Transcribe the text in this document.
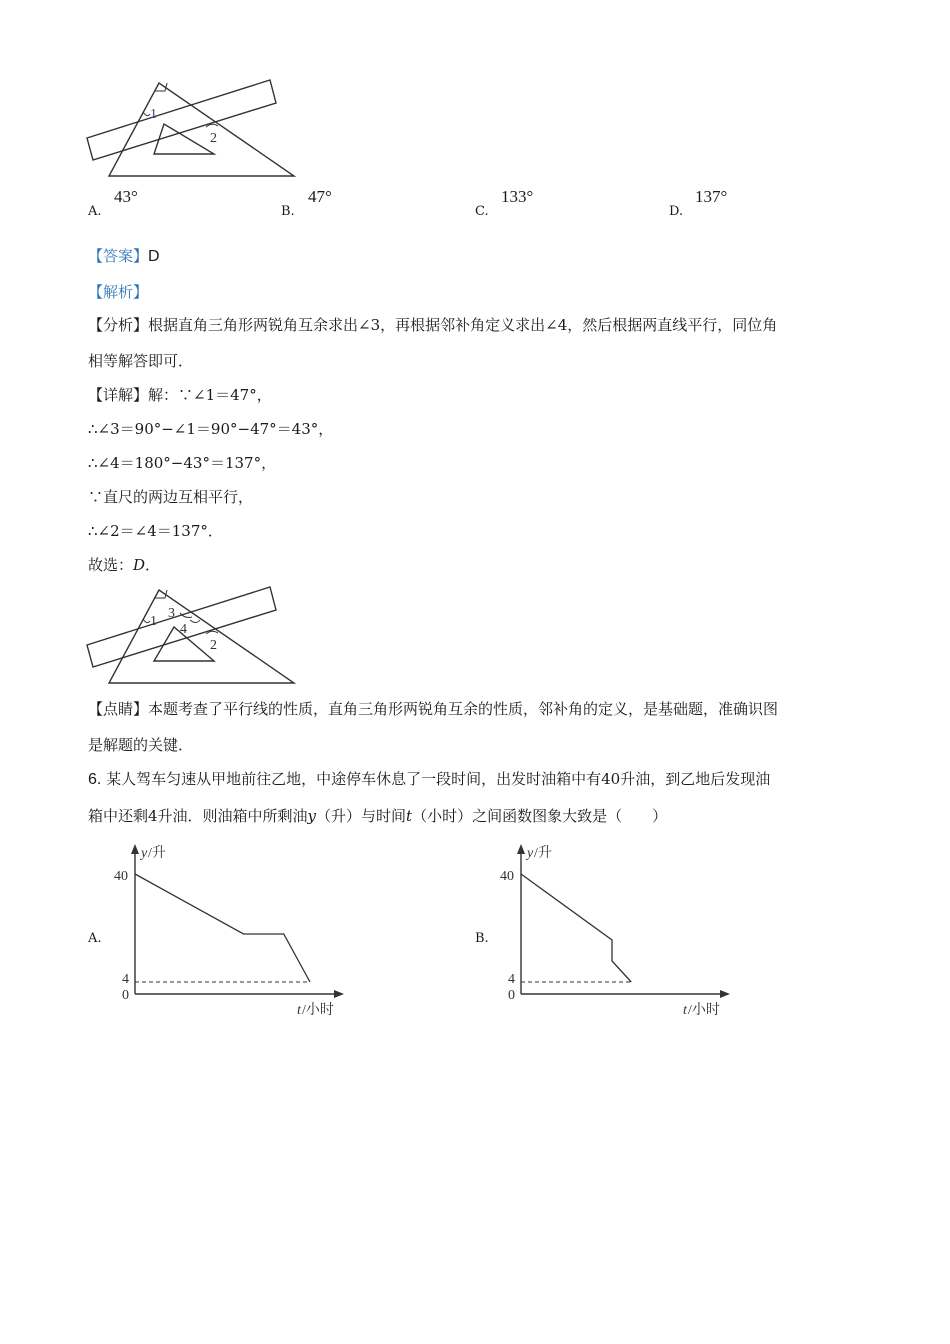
1
2
A.
43°
B.
47°
C.
133°
D.
137°
【答案】D
【解析】
【分析】根据直角三角形两锐角互余求出∠3，再根据邻补角定义求出∠4，然后根据两直线平行，同位角
相等解答即可．
【详解】解：∵∠1＝47°，
∴∠3＝90°−∠1＝90°−47°＝43°，
∴∠4＝180°−43°＝137°，
∵直尺的两边互相平行，
∴∠2＝∠4＝137°．
故选：D．
1
2
3
4
【点睛】本题考查了平行线的性质，直角三角形两锐角互余的性质，邻补角的定义，是基础题，准确识图
是解题的关键．
6. 某人驾车匀速从甲地前往乙地，中途停车休息了一段时间，出发时油箱中有40升油，到乙地后发现油
箱中还剩4升油．则油箱中所剩油y（升）与时间t（小时）之间函数图象大致是（　　）
A.
y /升
t /小时
40
4
0
B.
y /升
t /小时
40
4
0
